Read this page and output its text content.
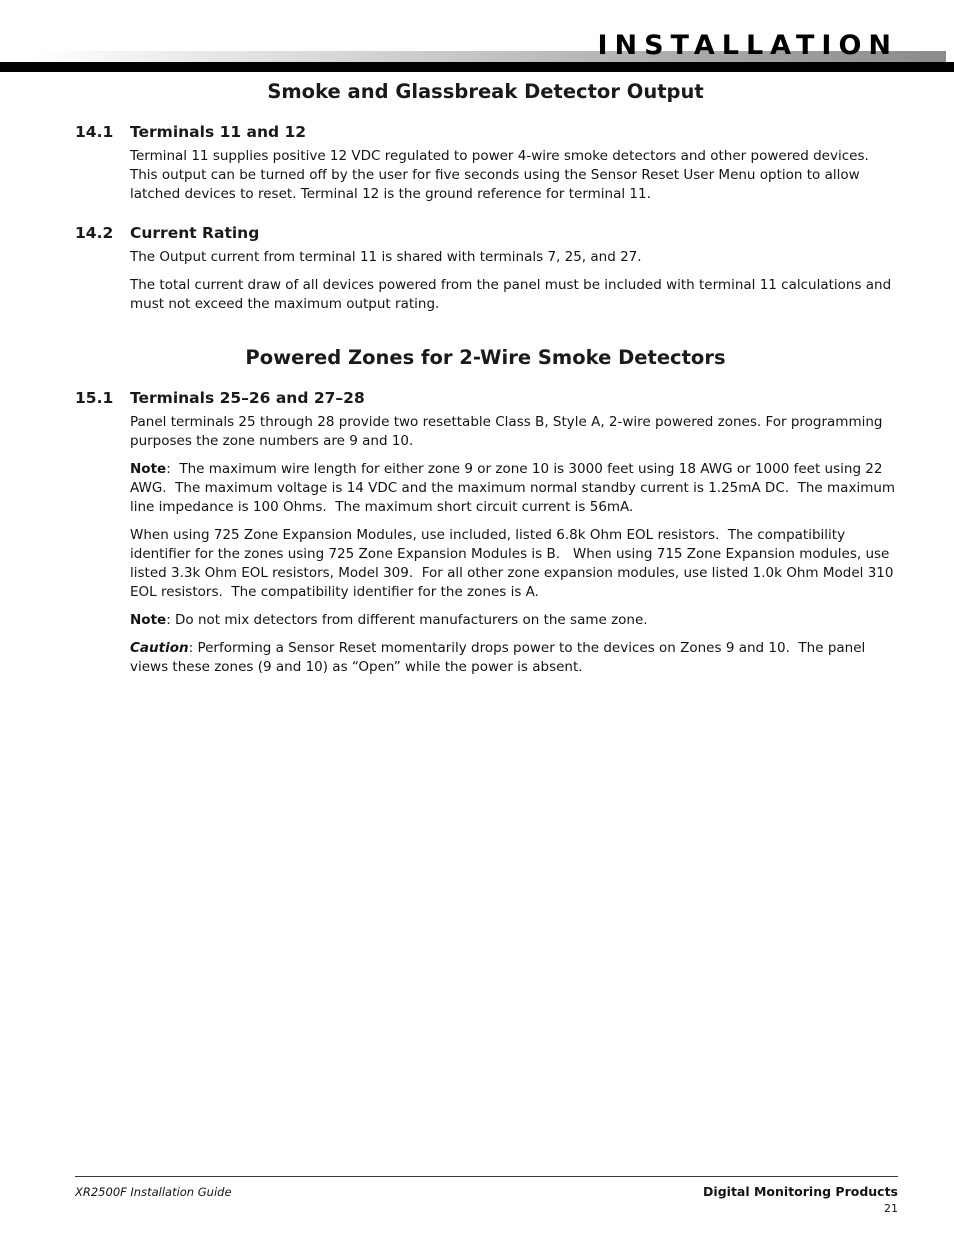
INSTALLATION
Smoke and Glassbreak Detector Output
14.1	Terminals 11 and 12

Terminal 11 supplies positive 12 VDC regulated to power 4-wire smoke detectors and other powered devices. This output can be turned off by the user for five seconds using the Sensor Reset User Menu option to allow latched devices to reset. Terminal 12 is the ground reference for terminal 11.

14.2	Current Rating

The Output current from terminal 11 is shared with terminals 7, 25, and 27.

The total current draw of all devices powered from the panel must be included with terminal 11 calculations and must not exceed the maximum output rating.

Powered Zones for 2-Wire Smoke Detectors
15.1	Terminals 25–26 and 27–28

Panel terminals 25 through 28 provide two resettable Class B, Style A, 2-wire powered zones. For programming purposes the zone numbers are 9 and 10.

Note:  The maximum wire length for either zone 9 or zone 10 is 3000 feet using 18 AWG or 1000 feet using 22 AWG.  The maximum voltage is 14 VDC and the maximum normal standby current is 1.25mA DC.  The maximum line impedance is 100 Ohms.  The maximum short circuit current is 56mA.

When using 725 Zone Expansion Modules, use included, listed 6.8k Ohm EOL resistors.  The compatibility identifier for the zones using 725 Zone Expansion Modules is B.   When using 715 Zone Expansion modules, use listed 3.3k Ohm EOL resistors, Model 309.  For all other zone expansion modules, use listed 1.0k Ohm Model 310 EOL resistors.  The compatibility identifier for the zones is A.

Note: Do not mix detectors from different manufacturers on the same zone.

Caution: Performing a Sensor Reset momentarily drops power to the devices on Zones 9 and 10.  The panel views these zones (9 and 10) as “Open” while the power is absent.

XR2500F Installation Guide	Digital Monitoring Products
21
